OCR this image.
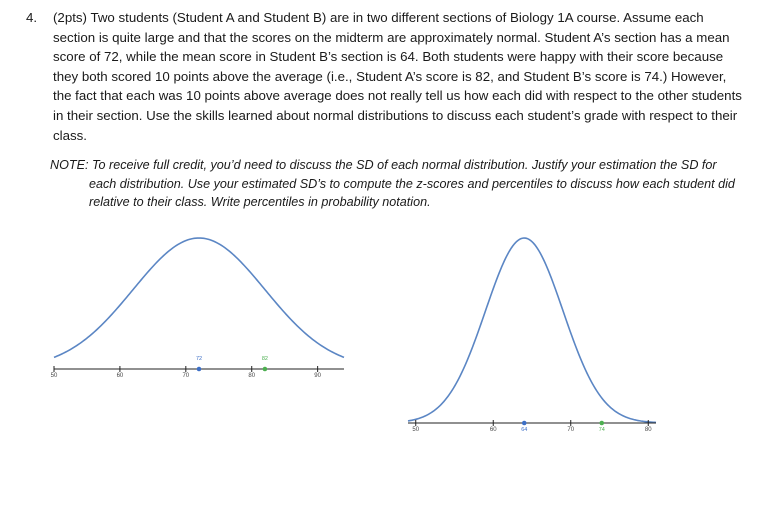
4. (2pts) Two students (Student A and Student B) are in two different sections of Biology 1A course. Assume each section is quite large and that the scores on the midterm are approximately normal. Student A’s section has a mean score of 72, while the mean score in Student B’s section is 64. Both students were happy with their score because they both scored 10 points above the average (i.e., Student A’s score is 82, and Student B’s score is 74.) However, the fact that each was 10 points above average does not really tell us how each did with respect to the other students in their section. Use the skills learned about normal distributions to discuss each student’s grade with respect to their class.
NOTE: To receive full credit, you’d need to discuss the SD of each normal distribution. Justify your estimation the SD for
each distribution. Use your estimated SD’s to compute the z-scores and percentiles to discuss how each student did relative to their class. Write percentiles in probability notation.
50	60	70	80	90
72	82
50	60	70	80
64	74
